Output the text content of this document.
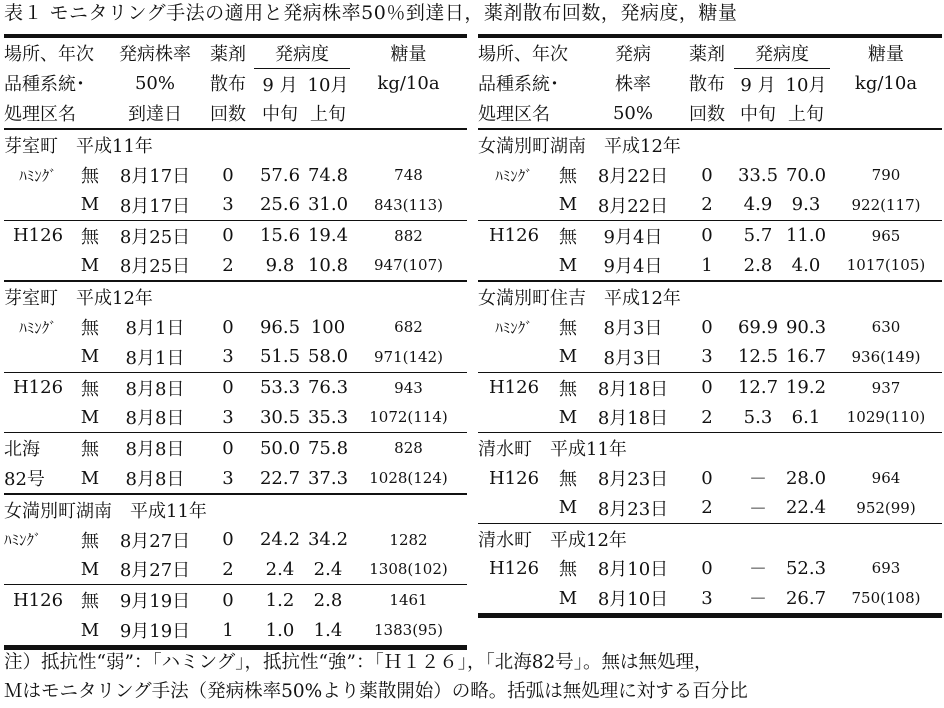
表１ モニタリング手法の適用と発病株率50％到達日，薬剤散布回数，発病度，糖量
場所、年次		発病株率	薬剤	発病度		糖量
品種系統･		50%	散布	9 月	10月	kg/10a
処理区名		到達日	回数	中旬	上旬	
芽室町　平成11年						
ﾊﾐﾝｸﾞ	無	8月17日	0	57.6	74.8	748
	M	8月17日	3	25.6	31.0	843(113)
H126	無	8月25日	0	15.6	19.4	882
	M	8月25日	2	9.8	10.8	947(107)
芽室町　平成12年						
ﾊﾐﾝｸﾞ	無	8月1日	0	96.5	100	682
	M	8月1日	3	51.5	58.0	971(142)
H126	無	8月8日	0	53.3	76.3	943
	M	8月8日	3	30.5	35.3	1072(114)
北海	無	8月8日	0	50.0	75.8	828
82号	M	8月8日	3	22.7	37.3	1028(124)
女満別町湖南　平成11年						
ﾊﾐﾝｸﾞ	無	8月27日	0	24.2	34.2	1282
	M	8月27日	2	2.4	2.4	1308(102)
H126	無	9月19日	0	1.2	2.8	1461
	M	9月19日	1	1.0	1.4	1383(95)
場所、年次		発病	薬剤	発病度		糖量
品種系統･		株率	散布	9 月	10月	kg/10a
処理区名		50%	回数	中旬	上旬	
女満別町湖南　平成12年						
ﾊﾐﾝｸﾞ	無	8月22日	0	33.5	70.0	790
	M	8月22日	2	4.9	9.3	922(117)
H126	無	9月4日	0	5.7	11.0	965
	M	9月4日	1	2.8	4.0	1017(105)
女満別町住吉　平成12年						
ﾊﾐﾝｸﾞ	無	8月3日	0	69.9	90.3	630
	M	8月3日	3	12.5	16.7	936(149)
H126	無	8月18日	0	12.7	19.2	937
	M	8月18日	2	5.3	6.1	1029(110)
清水町　平成11年						
H126	無	8月23日	0	－	28.0	964
	M	8月23日	2	－	22.4	952(99)
清水町　平成12年						
H126	無	8月10日	0	－	52.3	693
	M	8月10日	3	－	26.7	750(108)
注）抵抗性“弱”：「ハミング」，抵抗性“強”：「Ｈ１２６」，「北海82号」。無は無処理，
Ｍはモニタリング手法（発病株率50%より薬散開始）の略。括弧は無処理に対する百分比
